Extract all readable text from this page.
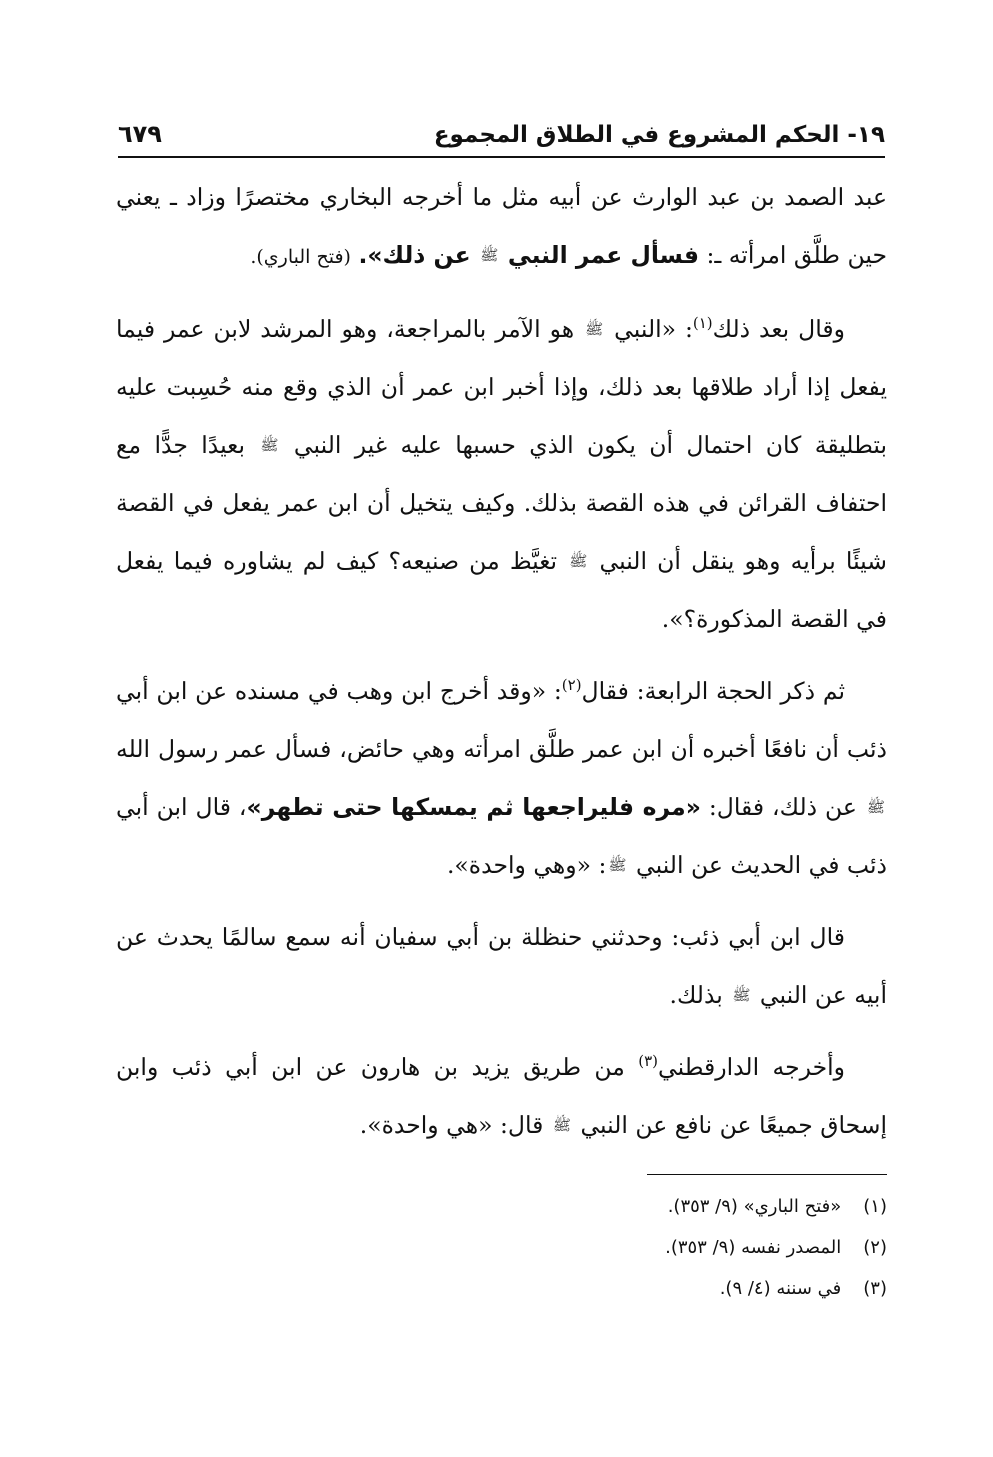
١٩- الحكم المشروع في الطلاق المجموع
٦٧٩

عبد الصمد بن عبد الوارث عن أبيه مثل ما أخرجه البخاري مختصرًا وزاد ـ يعني حين طلَّق امرأته ـ: فسأل عمر النبي ﷺ عن ذلك». (فتح الباري).

وقال بعد ذلك$^{(١)}$: «النبي ﷺ هو الآمر بالمراجعة، وهو المرشد لابن عمر فيما يفعل إذا أراد طلاقها بعد ذلك، وإذا أخبر ابن عمر أن الذي وقع منه حُسِبت عليه بتطليقة كان احتمال أن يكون الذي حسبها عليه غير النبي ﷺ بعيدًا جدًّا مع احتفاف القرائن في هذه القصة بذلك. وكيف يتخيل أن ابن عمر يفعل في القصة شيئًا برأيه وهو ينقل أن النبي ﷺ تغيَّظ من صنيعه؟ كيف لم يشاوره فيما يفعل في القصة المذكورة؟».

ثم ذكر الحجة الرابعة: فقال$^{(٢)}$: «وقد أخرج ابن وهب في مسنده عن ابن أبي ذئب أن نافعًا أخبره أن ابن عمر طلَّق امرأته وهي حائض، فسأل عمر رسول الله ﷺ عن ذلك، فقال: «مره فليراجعها ثم يمسكها حتى تطهر»، قال ابن أبي ذئب في الحديث عن النبي ﷺ: «وهي واحدة».

قال ابن أبي ذئب: وحدثني حنظلة بن أبي سفيان أنه سمع سالمًا يحدث عن أبيه عن النبي ﷺ بذلك.

وأخرجه الدارقطني$^{(٣)}$ من طريق يزيد بن هارون عن ابن أبي ذئب وابن إسحاق جميعًا عن نافع عن النبي ﷺ قال: «هي واحدة».

(١) «فتح الباري» (٩/ ٣٥٣).
(٢) المصدر نفسه (٩/ ٣٥٣).
(٣) في سننه (٤/ ٩).
